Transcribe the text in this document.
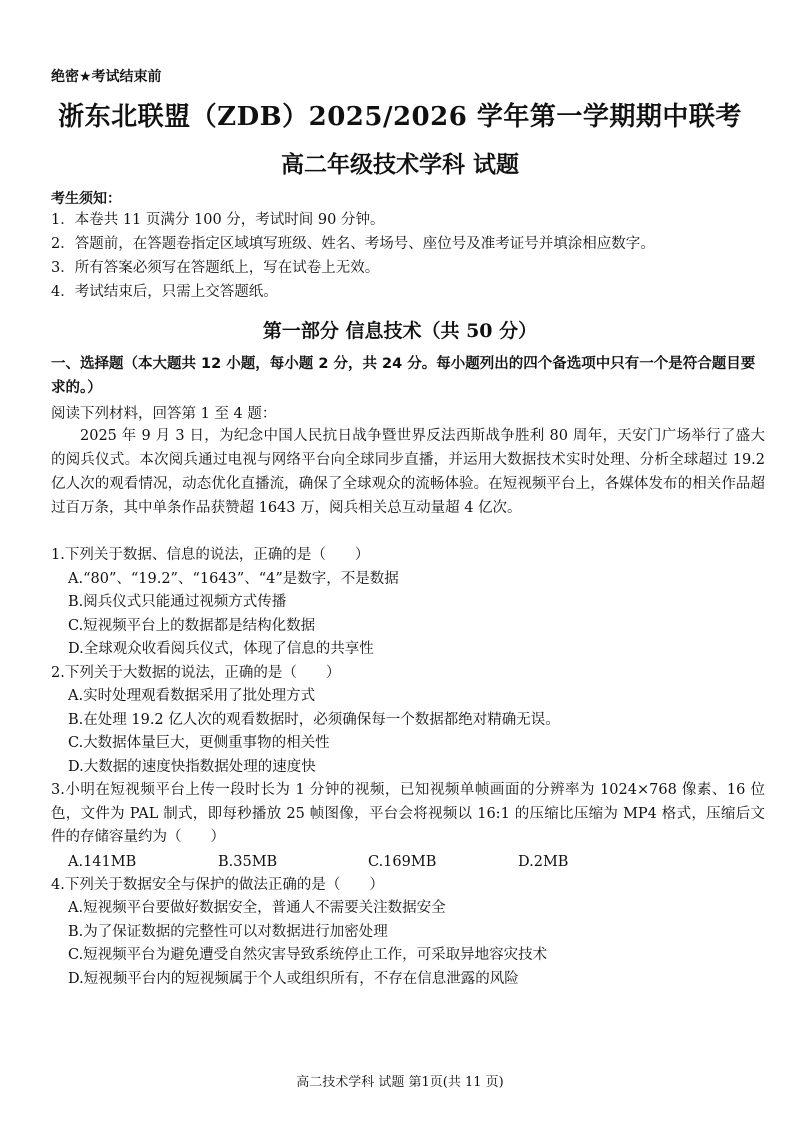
绝密★考试结束前
浙东北联盟（ZDB）2025/2026 学年第一学期期中联考
高二年级技术学科 试题
考生须知：
1．本卷共 11 页满分 100 分，考试时间 90 分钟。
2．答题前，在答题卷指定区域填写班级、姓名、考场号、座位号及准考证号并填涂相应数字。
3．所有答案必须写在答题纸上，写在试卷上无效。
4．考试结束后，只需上交答题纸。
第一部分 信息技术（共 50 分）
一、选择题（本大题共 12 小题，每小题 2 分，共 24 分。每小题列出的四个备选项中只有一个是符合题目要求的。）
阅读下列材料，回答第 1 至 4 题：
2025 年 9 月 3 日，为纪念中国人民抗日战争暨世界反法西斯战争胜利 80 周年，天安门广场举行了盛大的阅兵仪式。本次阅兵通过电视与网络平台向全球同步直播，并运用大数据技术实时处理、分析全球超过 19.2 亿人次的观看情况，动态优化直播流，确保了全球观众的流畅体验。在短视频平台上，各媒体发布的相关作品超过百万条，其中单条作品获赞超 1643 万，阅兵相关总互动量超 4 亿次。
1.下列关于数据、信息的说法，正确的是（　　）
A.“80”、“19.2”、“1643”、“4”是数字，不是数据
B.阅兵仪式只能通过视频方式传播
C.短视频平台上的数据都是结构化数据
D.全球观众收看阅兵仪式，体现了信息的共享性
2.下列关于大数据的说法，正确的是（　　）
A.实时处理观看数据采用了批处理方式
B.在处理 19.2 亿人次的观看数据时，必须确保每一个数据都绝对精确无误。
C.大数据体量巨大，更侧重事物的相关性
D.大数据的速度快指数据处理的速度快
3.小明在短视频平台上传一段时长为 1 分钟的视频，已知视频单帧画面的分辨率为 1024×768 像素、16 位色，文件为 PAL 制式，即每秒播放 25 帧图像，平台会将视频以 16:1 的压缩比压缩为 MP4 格式，压缩后文件的存储容量约为（　　）
A.141MB	B.35MB	C.169MB	D.2MB
4.下列关于数据安全与保护的做法正确的是（　　）
A.短视频平台要做好数据安全，普通人不需要关注数据安全
B.为了保证数据的完整性可以对数据进行加密处理
C.短视频平台为避免遭受自然灾害导致系统停止工作，可采取异地容灾技术
D.短视频平台内的短视频属于个人或组织所有，不存在信息泄露的风险
高二技术学科 试题 第1页(共 11 页)
